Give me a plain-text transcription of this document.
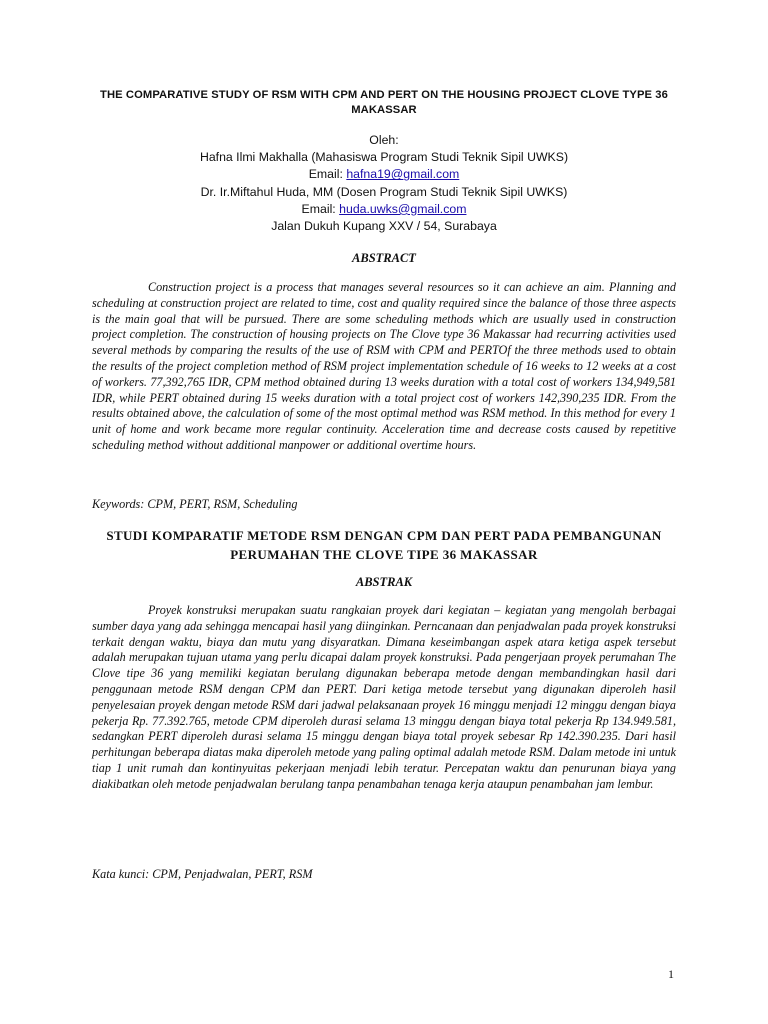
THE COMPARATIVE STUDY OF RSM WITH CPM AND PERT ON THE HOUSING PROJECT CLOVE TYPE 36 MAKASSAR
Oleh:
Hafna Ilmi Makhalla (Mahasiswa Program Studi Teknik Sipil UWKS)
Email: hafna19@gmail.com
Dr. Ir.Miftahul Huda, MM (Dosen Program Studi Teknik Sipil UWKS)
Email: huda.uwks@gmail.com
Jalan Dukuh Kupang XXV / 54, Surabaya
ABSTRACT

Construction project is a process that manages several resources so it can achieve an aim. Planning and scheduling at construction project are related to time, cost and quality required since the balance of those three aspects is the main goal that will be pursued. There are some scheduling methods which are usually used in construction project completion. The construction of housing projects on The Clove type 36 Makassar had recurring activities used several methods by comparing the results of the use of RSM with CPM and PERTOf the three methods used to obtain the results of the project completion method of RSM project implementation schedule of 16 weeks to 12 weeks at a cost of workers. 77,392,765 IDR, CPM method obtained during 13 weeks duration with a total cost of workers 134,949,581 IDR, while PERT obtained during 15 weeks duration with a total project cost of workers 142,390,235 IDR. From the results obtained above, the calculation of some of the most optimal method was RSM method. In this method for every 1 unit of home and work became more regular continuity. Acceleration time and decrease costs caused by repetitive scheduling method without additional manpower or additional overtime hours.

Keywords: CPM, PERT, RSM, Scheduling

STUDI KOMPARATIF METODE RSM DENGAN CPM DAN PERT PADA PEMBANGUNAN PERUMAHAN THE CLOVE TIPE 36 MAKASSAR
ABSTRAK

Proyek konstruksi merupakan suatu rangkaian proyek dari kegiatan – kegiatan yang mengolah berbagai sumber daya yang ada sehingga mencapai hasil yang diinginkan. Perncanaan dan penjadwalan pada proyek konstruksi terkait dengan waktu, biaya dan mutu yang disyaratkan. Dimana keseimbangan aspek atara ketiga aspek tersebut adalah merupakan tujuan utama yang perlu dicapai dalam proyek konstruksi. Pada pengerjaan proyek perumahan The Clove tipe 36 yang memiliki kegiatan berulang digunakan beberapa metode dengan membandingkan hasil dari penggunaan metode RSM dengan CPM dan PERT. Dari ketiga metode tersebut yang digunakan diperoleh hasil penyelesaian proyek dengan metode RSM dari jadwal pelaksanaan proyek 16 minggu menjadi 12 minggu dengan biaya pekerja Rp. 77.392.765, metode CPM diperoleh durasi selama 13 minggu dengan biaya total pekerja Rp 134.949.581, sedangkan PERT diperoleh durasi selama 15 minggu dengan biaya total proyek sebesar Rp 142.390.235. Dari hasil perhitungan beberapa diatas maka diperoleh metode yang paling optimal adalah metode RSM. Dalam metode ini untuk tiap 1 unit rumah dan kontinyuitas pekerjaan menjadi lebih teratur. Percepatan waktu dan penurunan biaya yang diakibatkan oleh metode penjadwalan berulang tanpa penambahan tenaga kerja ataupun penambahan jam lembur.

Kata kunci: CPM, Penjadwalan, PERT, RSM

1
